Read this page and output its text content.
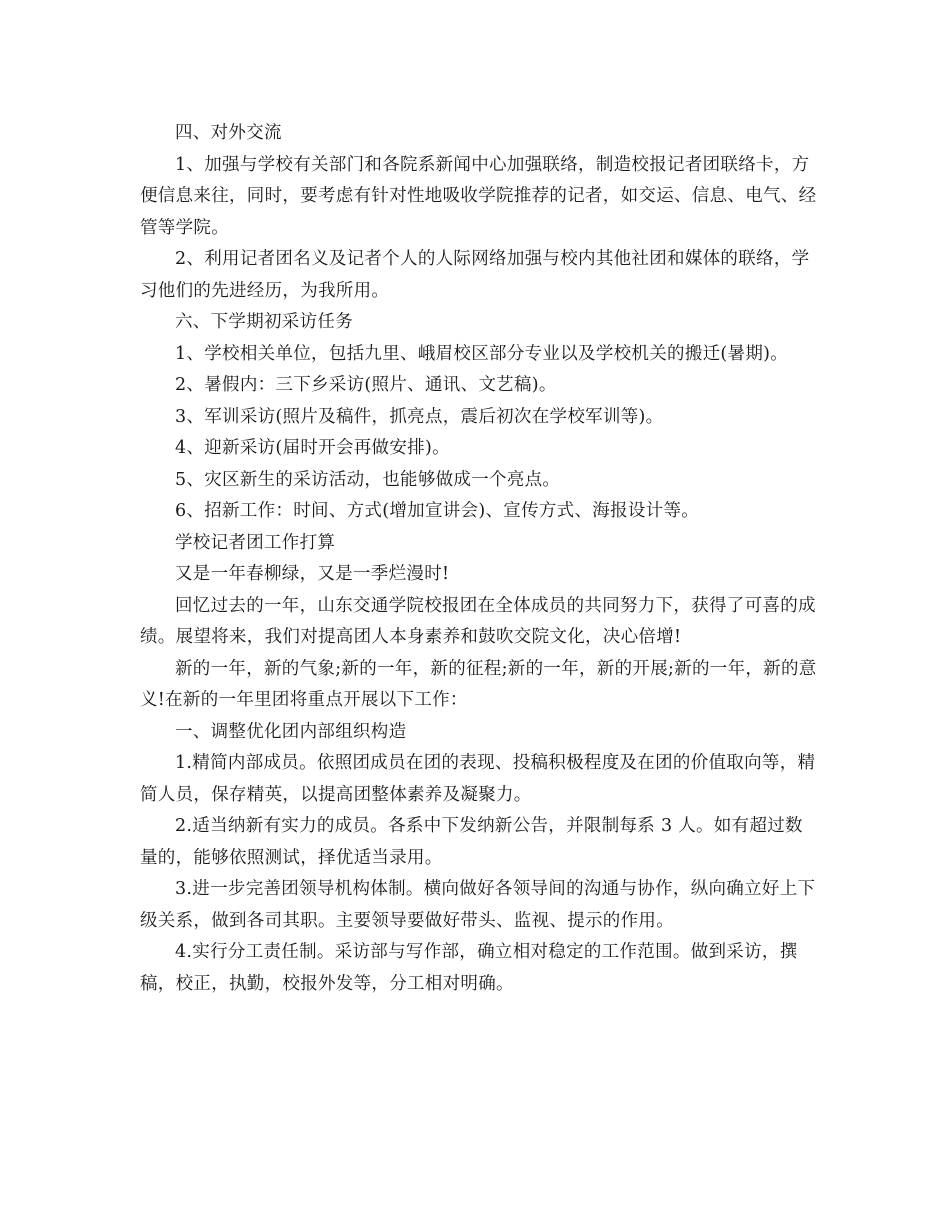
四、对外交流

1、加强与学校有关部门和各院系新闻中心加强联络，制造校报记者团联络卡，方便信息来往，同时，要考虑有针对性地吸收学院推荐的记者，如交运、信息、电气、经管等学院。

2、利用记者团名义及记者个人的人际网络加强与校内其他社团和媒体的联络，学习他们的先进经历，为我所用。

六、下学期初采访任务

1、学校相关单位，包括九里、峨眉校区部分专业以及学校机关的搬迁(暑期)。

2、暑假内：三下乡采访(照片、通讯、文艺稿)。

3、军训采访(照片及稿件，抓亮点，震后初次在学校军训等)。

4、迎新采访(届时开会再做安排)。

5、灾区新生的采访活动，也能够做成一个亮点。

6、招新工作：时间、方式(增加宣讲会)、宣传方式、海报设计等。

学校记者团工作打算

又是一年春柳绿，又是一季烂漫时!

回忆过去的一年，山东交通学院校报团在全体成员的共同努力下，获得了可喜的成绩。展望将来，我们对提高团人本身素养和鼓吹交院文化，决心倍增!

新的一年，新的气象;新的一年，新的征程;新的一年，新的开展;新的一年，新的意义!在新的一年里团将重点开展以下工作：

一、调整优化团内部组织构造

1.精简内部成员。依照团成员在团的表现、投稿积极程度及在团的价值取向等，精简人员，保存精英，以提高团整体素养及凝聚力。

2.适当纳新有实力的成员。各系中下发纳新公告，并限制每系 3 人。如有超过数量的，能够依照测试，择优适当录用。

3.进一步完善团领导机构体制。横向做好各领导间的沟通与协作，纵向确立好上下级关系，做到各司其职。主要领导要做好带头、监视、提示的作用。

4.实行分工责任制。采访部与写作部，确立相对稳定的工作范围。做到采访，撰稿，校正，执勤，校报外发等，分工相对明确。
